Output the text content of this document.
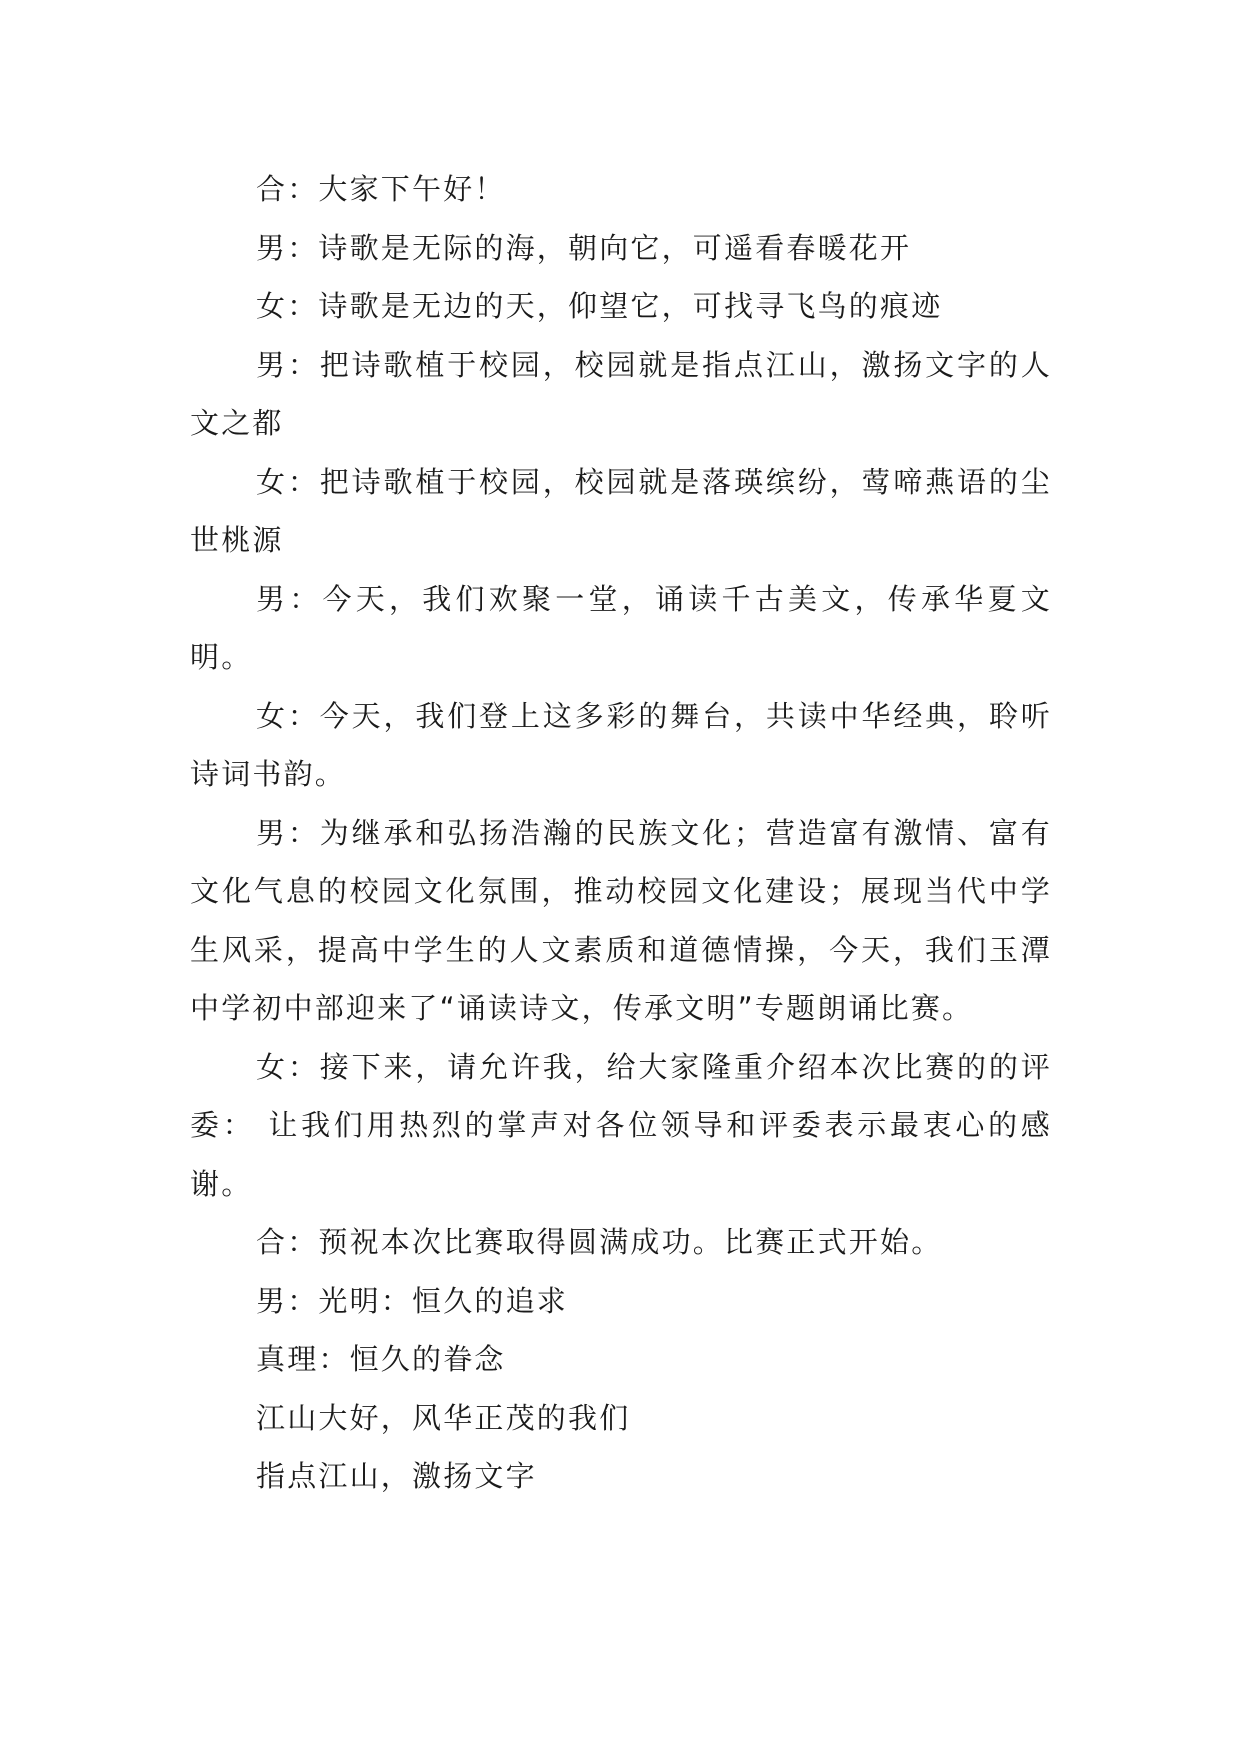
合：大家下午好！

男：诗歌是无际的海，朝向它，可遥看春暖花开

女：诗歌是无边的天，仰望它，可找寻飞鸟的痕迹

男：把诗歌植于校园，校园就是指点江山，激扬文字的人文之都

女：把诗歌植于校园，校园就是落瑛缤纷，莺啼燕语的尘世桃源

男：今天，我们欢聚一堂，诵读千古美文，传承华夏文明。

女：今天，我们登上这多彩的舞台，共读中华经典，聆听诗词书韵。

男：为继承和弘扬浩瀚的民族文化；营造富有激情、富有文化气息的校园文化氛围，推动校园文化建设；展现当代中学生风采，提高中学生的人文素质和道德情操，今天，我们玉潭中学初中部迎来了“诵读诗文，传承文明”专题朗诵比赛。

女：接下来，请允许我，给大家隆重介绍本次比赛的的评委： 让我们用热烈的掌声对各位领导和评委表示最衷心的感谢。

合：预祝本次比赛取得圆满成功。比赛正式开始。

男：光明：恒久的追求

真理：恒久的眷念

江山大好，风华正茂的我们

指点江山，激扬文字
